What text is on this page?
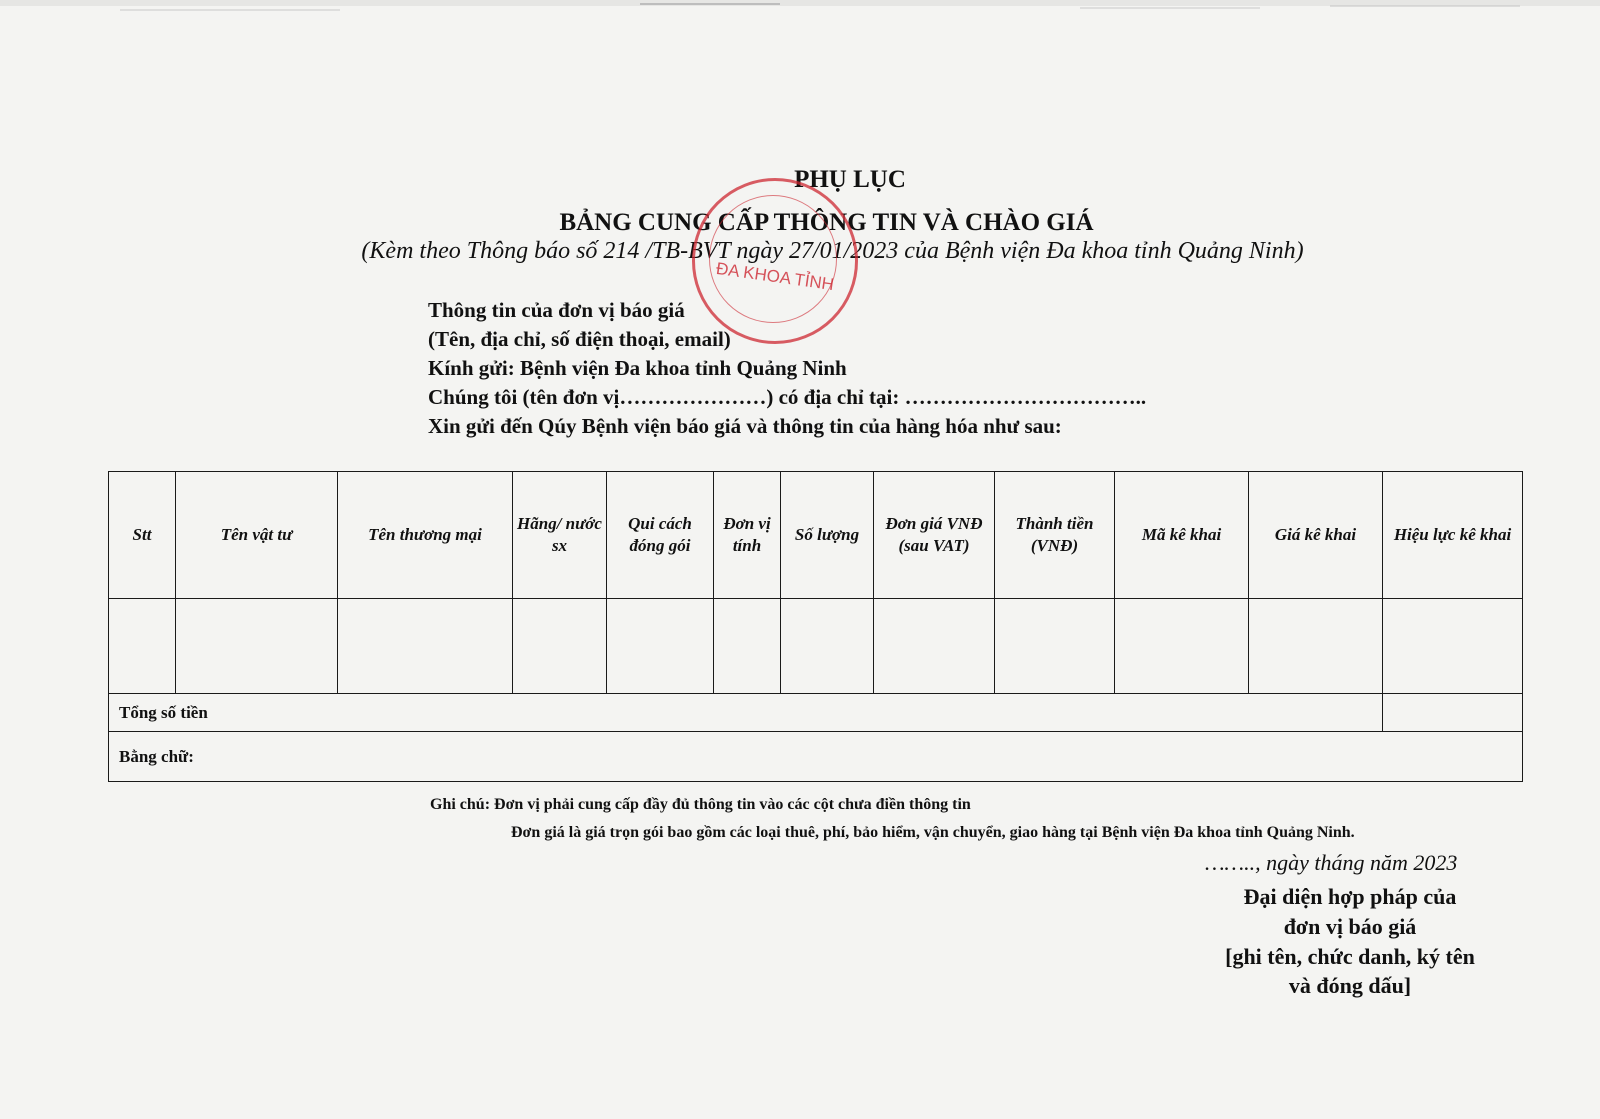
PHỤ LỤC
BẢNG CUNG CẤP THÔNG TIN VÀ CHÀO GIÁ
(Kèm theo Thông báo số 214 /TB-BVT ngày 27/01/2023 của Bệnh viện Đa khoa tỉnh Quảng Ninh)
ĐA KHOA TỈNH
Thông tin của đơn vị báo giá
(Tên, địa chỉ, số điện thoại, email)
Kính gửi: Bệnh viện Đa khoa tỉnh Quảng Ninh
Chúng tôi (tên đơn vị…………………) có địa chỉ tại: ……………………………..
Xin gửi đến Qúy Bệnh viện báo giá và thông tin của hàng hóa như sau:
Stt	Tên vật tư	Tên thương mại	Hãng/ nước sx	Qui cách đóng gói	Đơn vị tính	Số lượng	Đơn giá VNĐ (sau VAT)	Thành tiền (VNĐ)	Mã kê khai	Giá kê khai	Hiệu lực kê khai

Tổng số tiền											
Bằng chữ:											
Ghi chú: Đơn vị phải cung cấp đầy đủ thông tin vào các cột chưa điền thông tin
Đơn giá là giá trọn gói bao gồm các loại thuê, phí, bảo hiểm, vận chuyển, giao hàng tại Bệnh viện Đa khoa tỉnh Quảng Ninh.
…….., ngày tháng năm 2023
Đại diện hợp pháp của
đơn vị báo giá
[ghi tên, chức danh, ký tên
và đóng dấu]
